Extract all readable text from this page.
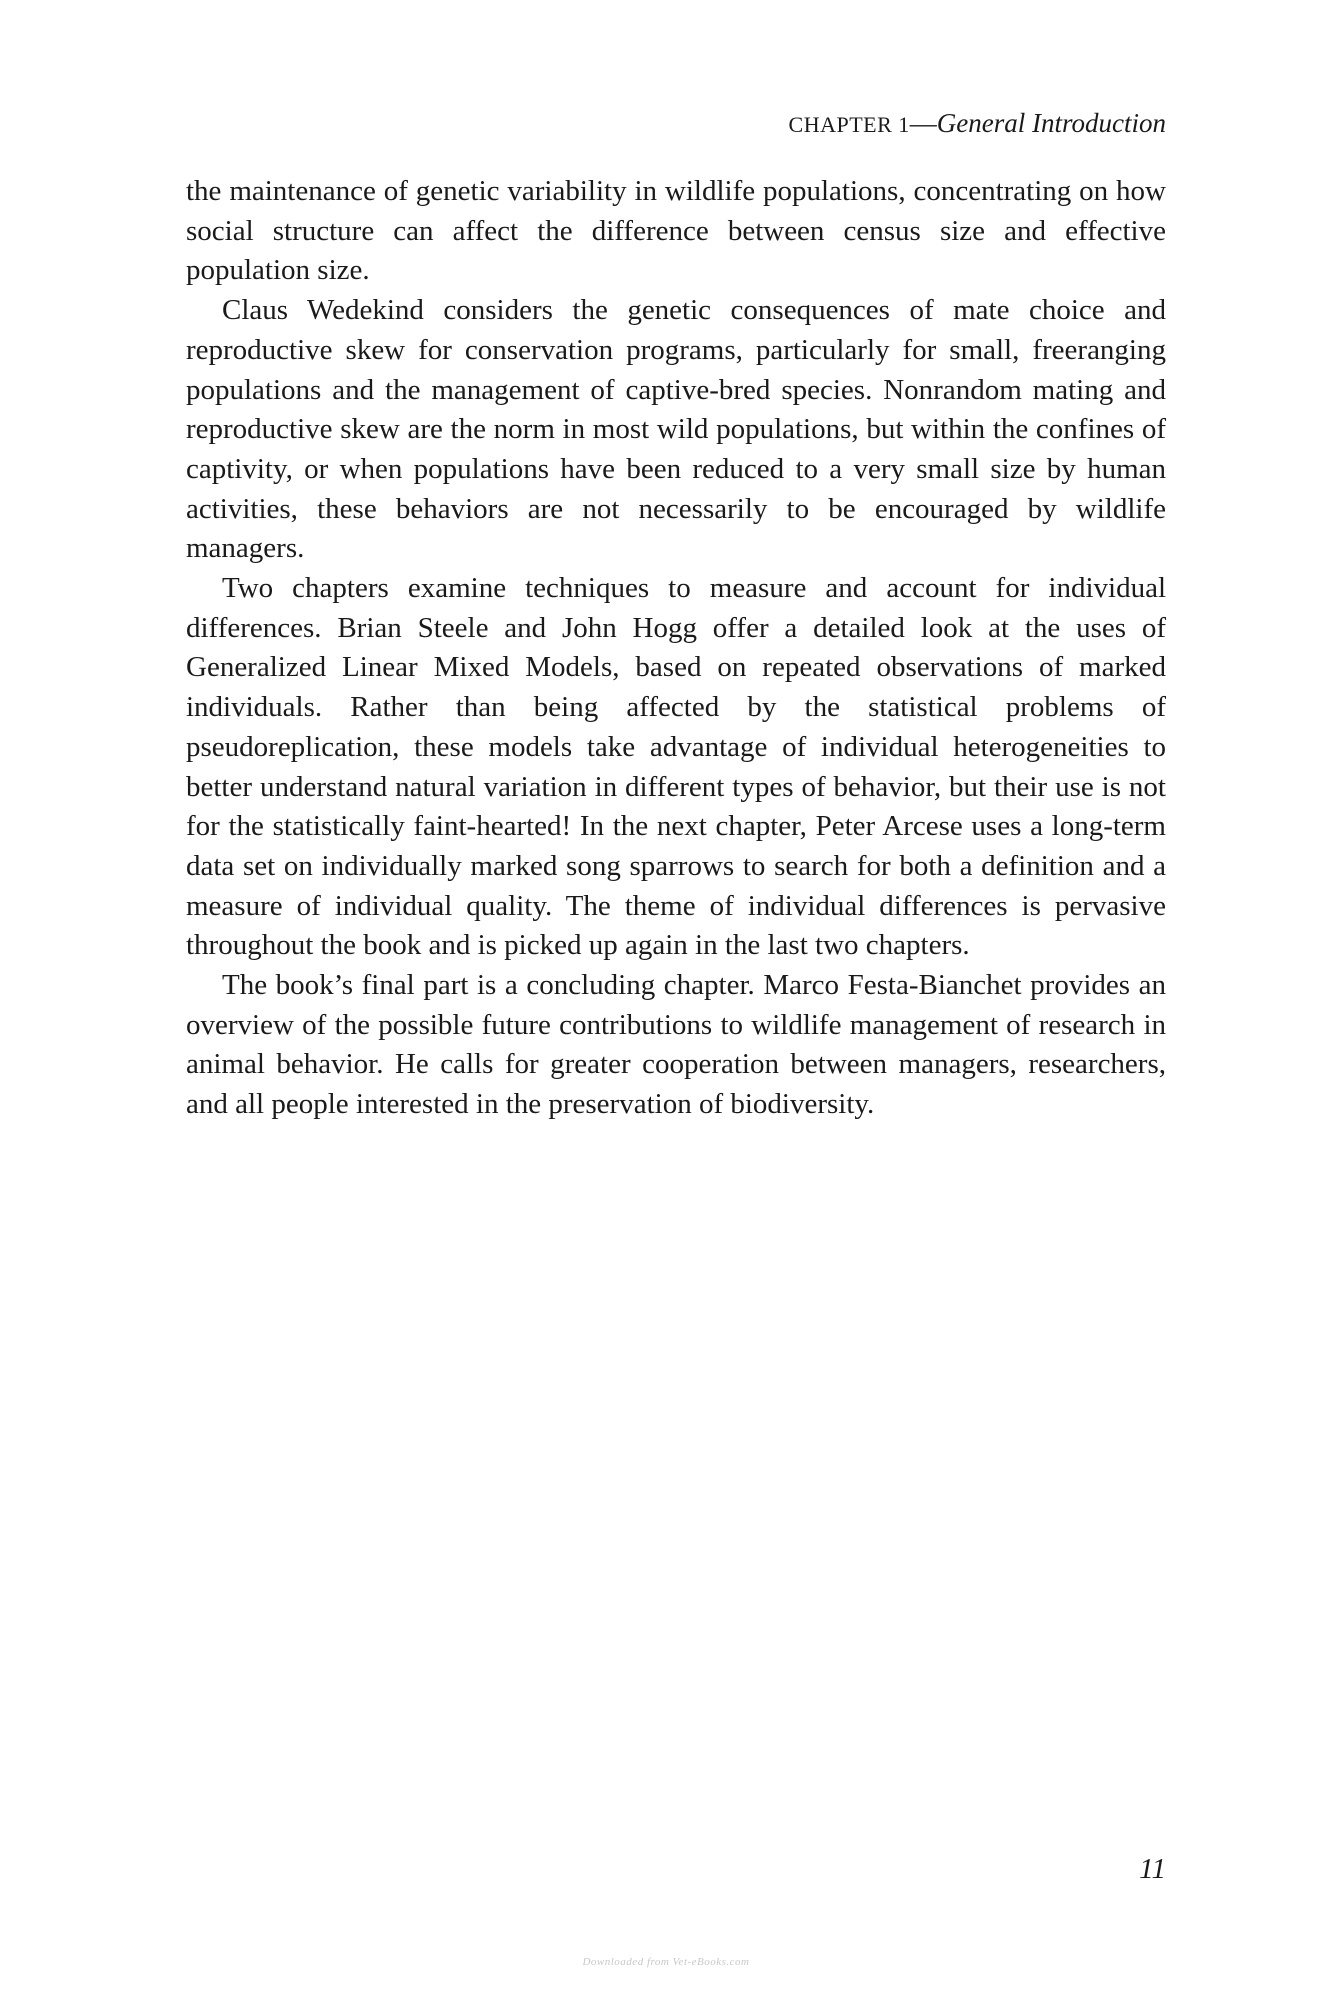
CHAPTER 1—General Introduction

the maintenance of genetic variability in wildlife populations, concentrating on how social structure can affect the difference between census size and effective population size.

Claus Wedekind considers the genetic consequences of mate choice and reproductive skew for conservation programs, particularly for small, freeranging populations and the management of captive-bred species. Nonrandom mating and reproductive skew are the norm in most wild populations, but within the confines of captivity, or when populations have been reduced to a very small size by human activities, these behaviors are not necessarily to be encouraged by wildlife managers.

Two chapters examine techniques to measure and account for individual differences. Brian Steele and John Hogg offer a detailed look at the uses of Generalized Linear Mixed Models, based on repeated observations of marked individuals. Rather than being affected by the statistical problems of pseudoreplication, these models take advantage of individual heterogeneities to better understand natural variation in different types of behavior, but their use is not for the statistically faint-hearted! In the next chapter, Peter Arcese uses a long-term data set on individually marked song sparrows to search for both a definition and a measure of individual quality. The theme of individual differences is pervasive throughout the book and is picked up again in the last two chapters.

The book’s final part is a concluding chapter. Marco Festa-Bianchet provides an overview of the possible future contributions to wildlife management of research in animal behavior. He calls for greater cooperation between managers, researchers, and all people interested in the preservation of biodiversity.

11
Downloaded from Vet-eBooks.com
